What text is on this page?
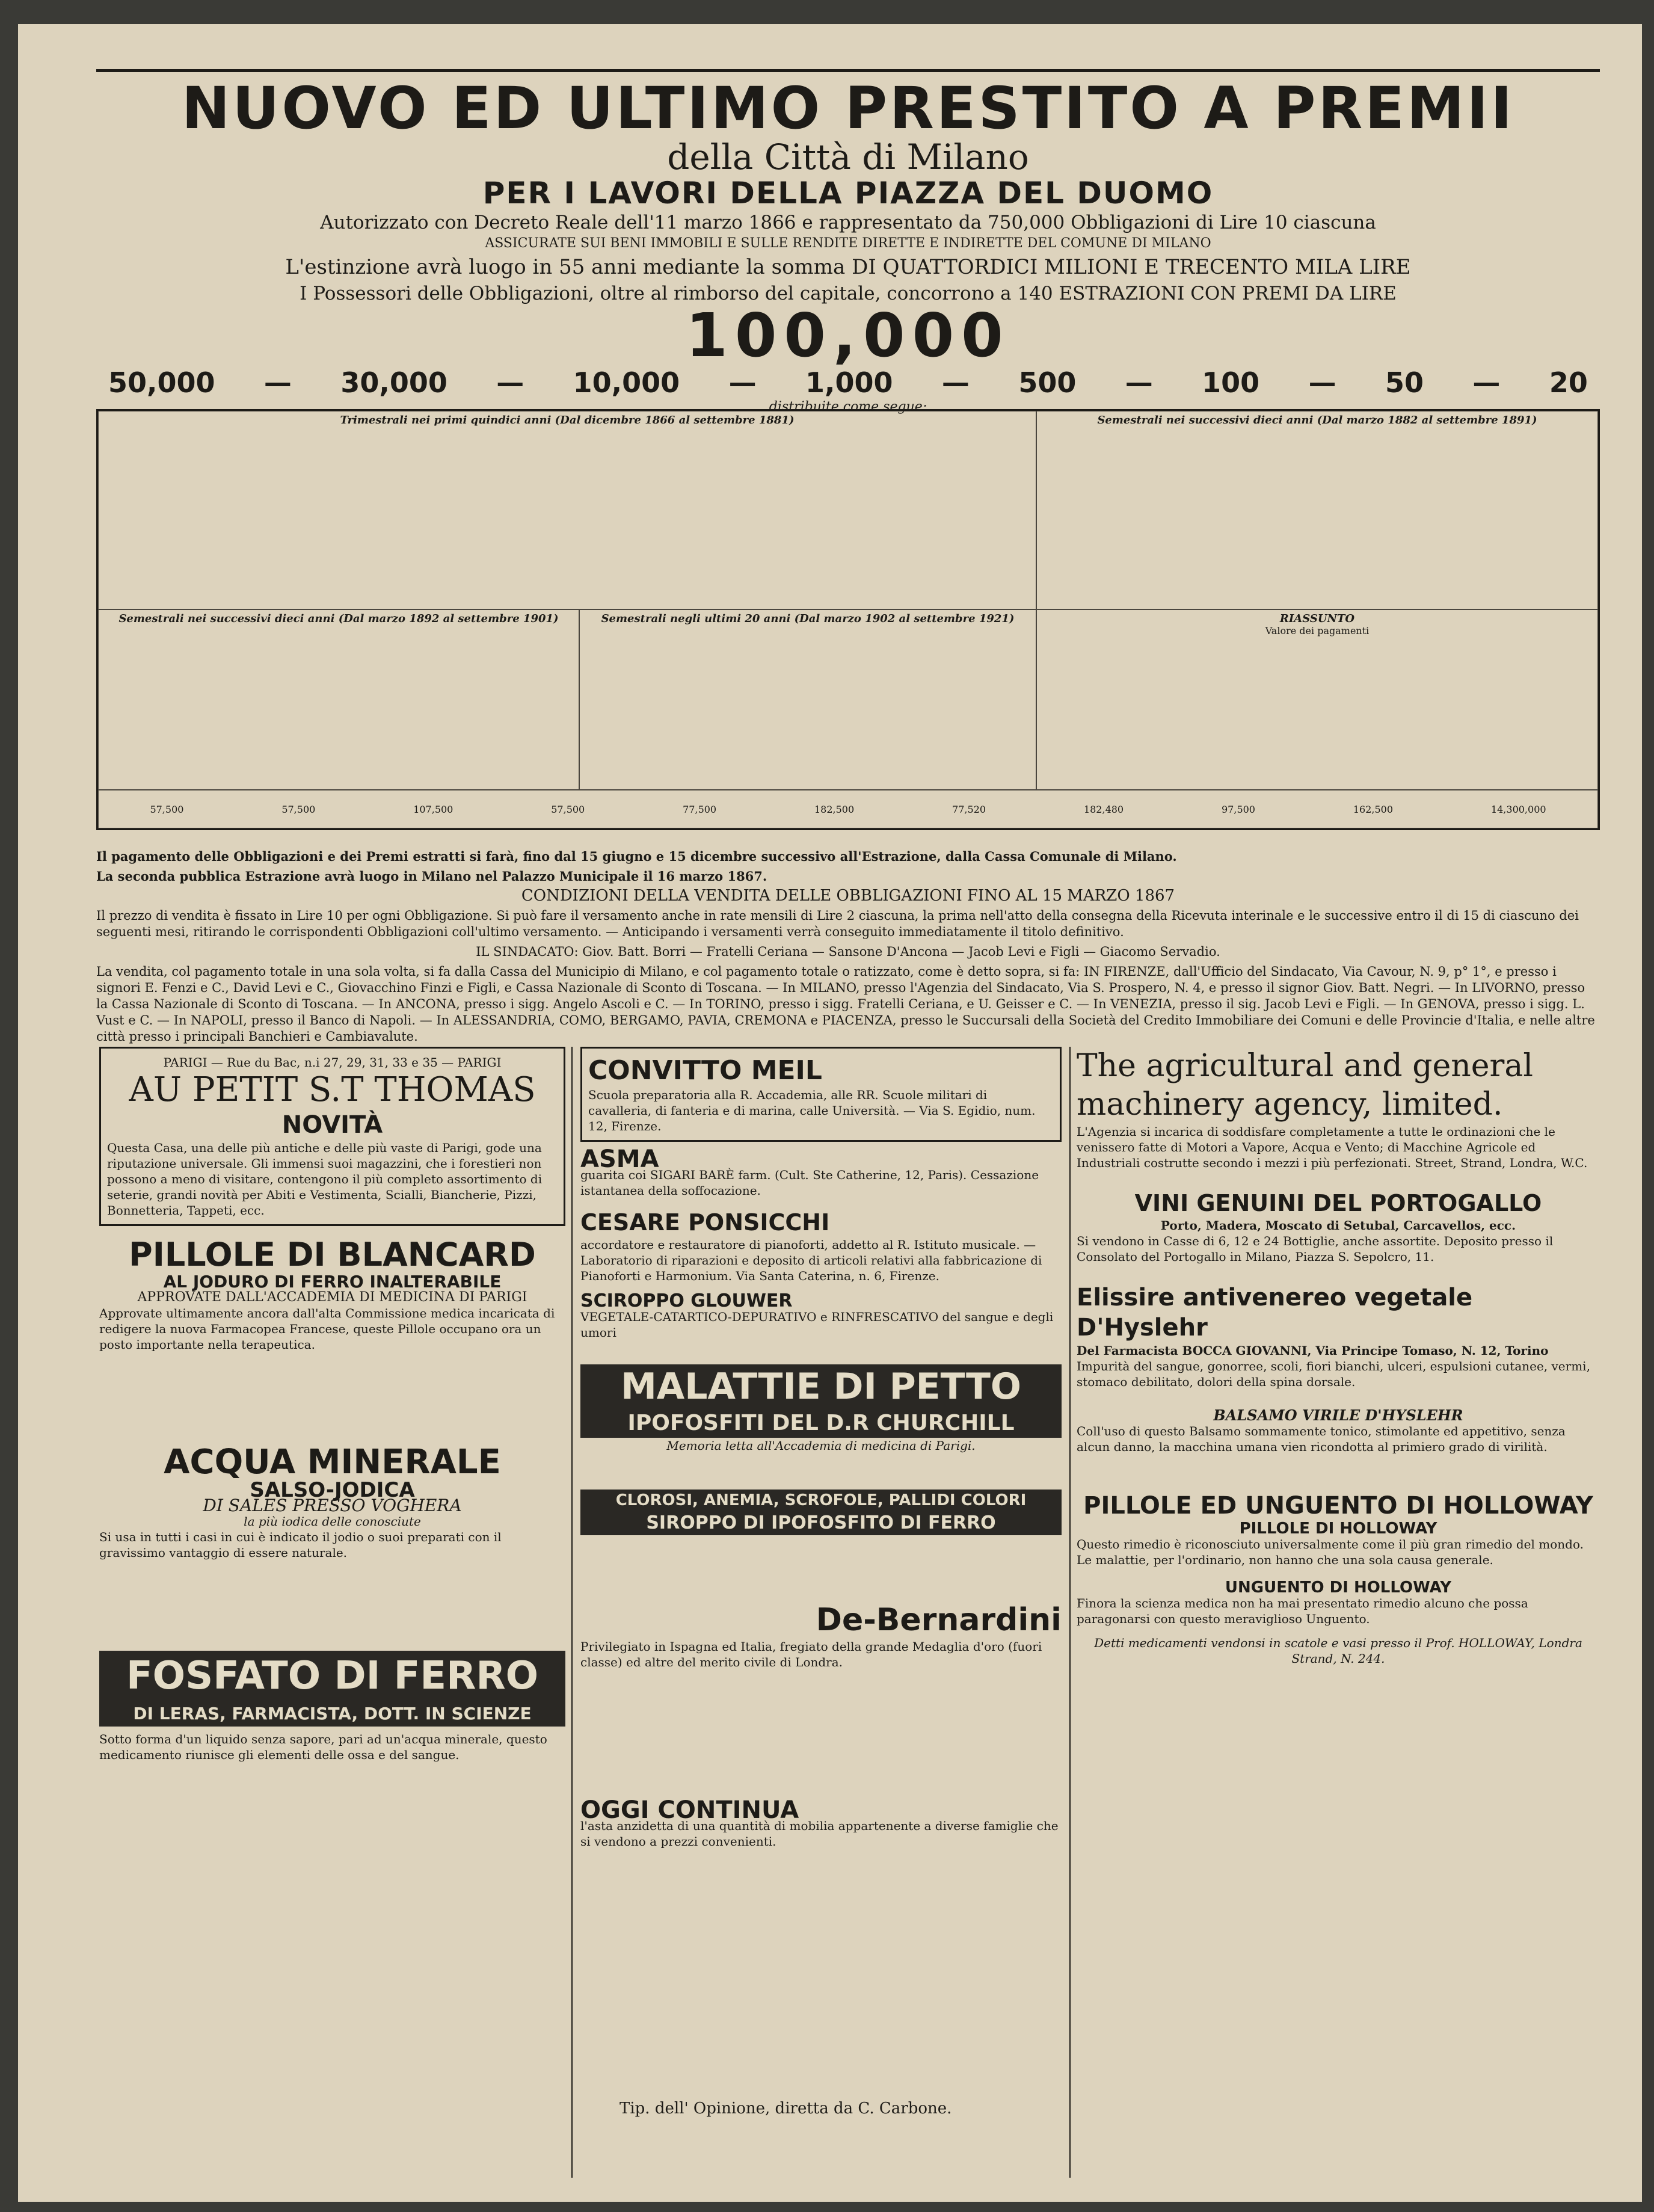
NUOVO ED ULTIMO PRESTITO A PREMII
della Città di Milano
PER I LAVORI DELLA PIAZZA DEL DUOMO
Autorizzato con Decreto Reale dell'11 marzo 1866 e rappresentato da 750,000 Obbligazioni di Lire 10 ciascuna
ASSICURATE SUI BENI IMMOBILI E SULLE RENDITE DIRETTE E INDIRETTE DEL COMUNE DI MILANO
L'estinzione avrà luogo in 55 anni mediante la somma DI QUATTORDICI MILIONI E TRECENTO MILA LIRE
I Possessori delle Obbligazioni, oltre al rimborso del capitale, concorrono a 140 ESTRAZIONI CON PREMI DA LIRE
100,000
50,000 — 30,000 — 10,000 — 1,000 — 500 — 100 — 50 — 20
distribuite come segue:
Trimestrali nei primi quindici anni (Dal dicembre 1866 al settembre 1881)	Semestrali nei successivi dieci anni (Dal marzo 1882 al settembre 1891)
Semestrali nei successivi dieci anni (Dal marzo 1892 al settembre 1901)	Semestrali negli ultimi 20 anni (Dal marzo 1902 al settembre 1921)	RIASSUNTO
Valore dei pagamenti
57,500	57,500	107,500	57,500	77,500	182,500	77,520	182,480	97,500	162,500	14,300,000

Il pagamento delle Obbligazioni e dei Premi estratti si farà, fino dal 15 giugno e 15 dicembre successivo all'Estrazione, dalla Cassa Comunale di Milano.

La seconda pubblica Estrazione avrà luogo in Milano nel Palazzo Municipale il 16 marzo 1867.

CONDIZIONI DELLA VENDITA DELLE OBBLIGAZIONI FINO AL 15 MARZO 1867

Il prezzo di vendita è fissato in Lire 10 per ogni Obbligazione. Si può fare il versamento anche in rate mensili di Lire 2 ciascuna, la prima nell'atto della consegna della Ricevuta interinale e le successive entro il di 15 di ciascuno dei seguenti mesi, ritirando le corrispondenti Obbligazioni coll'ultimo versamento. — Anticipando i versamenti verrà conseguito immediatamente il titolo definitivo.

IL SINDACATO: Giov. Batt. Borri — Fratelli Ceriana — Sansone D'Ancona — Jacob Levi e Figli — Giacomo Servadio.

La vendita, col pagamento totale in una sola volta, si fa dalla Cassa del Municipio di Milano, e col pagamento totale o ratizzato, come è detto sopra, si fa: IN FIRENZE, dall'Ufficio del Sindacato, Via Cavour, N. 9, p° 1°, e presso i signori E. Fenzi e C., David Levi e C., Giovacchino Finzi e Figli, e Cassa Nazionale di Sconto di Toscana. — In MILANO, presso l'Agenzia del Sindacato, Via S. Prospero, N. 4, e presso il signor Giov. Batt. Negri. — In LIVORNO, presso la Cassa Nazionale di Sconto di Toscana. — In ANCONA, presso i sigg. Angelo Ascoli e C. — In TORINO, presso i sigg. Fratelli Ceriana, e U. Geisser e C. — In VENEZIA, presso il sig. Jacob Levi e Figli. — In GENOVA, presso i sigg. L. Vust e C. — In NAPOLI, presso il Banco di Napoli. — In ALESSANDRIA, COMO, BERGAMO, PAVIA, CREMONA e PIACENZA, presso le Succursali della Società del Credito Immobiliare dei Comuni e delle Provincie d'Italia, e nelle altre città presso i principali Banchieri e Cambiavalute.

PARIGI — Rue du Bac, n.i 27, 29, 31, 33 e 35 — PARIGI
AU PETIT S.T THOMAS
NOVITÀ
Questa Casa, una delle più antiche e delle più vaste di Parigi, gode una riputazione universale. Gli immensi suoi magazzini, che i forestieri non possono a meno di visitare, contengono il più completo assortimento di seterie, grandi novità per Abiti e Vestimenta, Scialli, Biancherie, Pizzi, Bonnetteria, Tappeti, ecc.
PILLOLE DI BLANCARD
AL JODURO DI FERRO INALTERABILE
APPROVATE DALL'ACCADEMIA DI MEDICINA DI PARIGI
Approvate ultimamente ancora dall'alta Commissione medica incaricata di redigere la nuova Farmacopea Francese, queste Pillole occupano ora un posto importante nella terapeutica.
ACQUA MINERALE
SALSO-JODICA
DI SALES PRESSO VOGHERA
la più iodica delle conosciute
Si usa in tutti i casi in cui è indicato il jodio o suoi preparati con il gravissimo vantaggio di essere naturale.
FOSFATO DI FERRO
DI LERAS, FARMACISTA, DOTT. IN SCIENZE
Sotto forma d'un liquido senza sapore, pari ad un'acqua minerale, questo medicamento riunisce gli elementi delle ossa e del sangue.
CONVITTO MEIL
Scuola preparatoria alla R. Accademia, alle RR. Scuole militari di cavalleria, di fanteria e di marina, calle Università. — Via S. Egidio, num. 12, Firenze.
ASMA
guarita coi SIGARI BARÈ farm. (Cult. Ste Catherine, 12, Paris). Cessazione istantanea della soffocazione.
CESARE PONSICCHI
accordatore e restauratore di pianoforti, addetto al R. Istituto musicale. — Laboratorio di riparazioni e deposito di articoli relativi alla fabbricazione di Pianoforti e Harmonium. Via Santa Caterina, n. 6, Firenze.
SCIROPPO GLOUWER
VEGETALE-CATARTICO-DEPURATIVO e RINFRESCATIVO del sangue e degli umori
MALATTIE DI PETTO
IPOFOSFITI DEL D.R CHURCHILL
Memoria letta all'Accademia di medicina di Parigi.
CLOROSI, ANEMIA, SCROFOLE, PALLIDI COLORI
SIROPPO DI IPOFOSFITO DI FERRO
De-Bernardini
Privilegiato in Ispagna ed Italia, fregiato della grande Medaglia d'oro (fuori classe) ed altre del merito civile di Londra.
OGGI CONTINUA
l'asta anzidetta di una quantità di mobilia appartenente a diverse famiglie che si vendono a prezzi convenienti.
The agricultural and general machinery agency, limited.
L'Agenzia si incarica di soddisfare completamente a tutte le ordinazioni che le venissero fatte di Motori a Vapore, Acqua e Vento; di Macchine Agricole ed Industriali costrutte secondo i mezzi i più perfezionati. Street, Strand, Londra, W.C.
VINI GENUINI DEL PORTOGALLO
Porto, Madera, Moscato di Setubal, Carcavellos, ecc.
Si vendono in Casse di 6, 12 e 24 Bottiglie, anche assortite. Deposito presso il Consolato del Portogallo in Milano, Piazza S. Sepolcro, 11.
Elissire antivenereo vegetale D'Hyslehr
Del Farmacista BOCCA GIOVANNI, Via Principe Tomaso, N. 12, Torino
Impurità del sangue, gonorree, scoli, fiori bianchi, ulceri, espulsioni cutanee, vermi, stomaco debilitato, dolori della spina dorsale.
BALSAMO VIRILE D'HYSLEHR
Coll'uso di questo Balsamo sommamente tonico, stimolante ed appetitivo, senza alcun danno, la macchina umana vien ricondotta al primiero grado di virilità.
PILLOLE ED UNGUENTO DI HOLLOWAY
PILLOLE DI HOLLOWAY
Questo rimedio è riconosciuto universalmente come il più gran rimedio del mondo. Le malattie, per l'ordinario, non hanno che una sola causa generale.
UNGUENTO DI HOLLOWAY
Finora la scienza medica non ha mai presentato rimedio alcuno che possa paragonarsi con questo meraviglioso Unguento.
Detti medicamenti vendonsi in scatole e vasi presso il Prof. HOLLOWAY, Londra Strand, N. 244.
Tip. dell' Opinione, diretta da C. Carbone.
